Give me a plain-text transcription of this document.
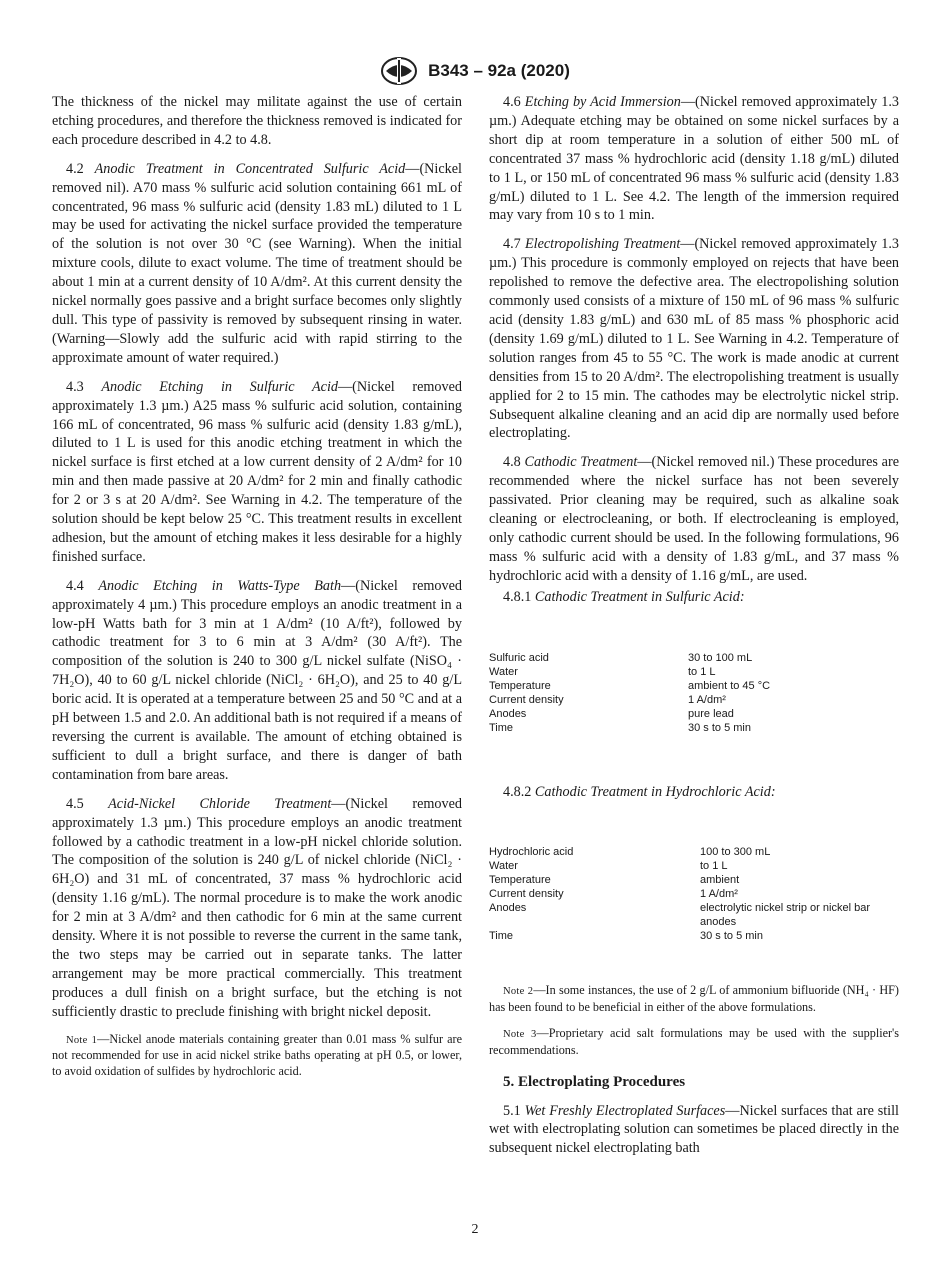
B343 – 92a (2020)

The thickness of the nickel may militate against the use of certain etching procedures, and therefore the thickness removed is indicated for each procedure described in 4.2 to 4.8.

4.2 Anodic Treatment in Concentrated Sulfuric Acid—(Nickel removed nil). A70 mass % sulfuric acid solution containing 661 mL of concentrated, 96 mass % sulfuric acid (density 1.83 mL) diluted to 1 L may be used for activating the nickel surface provided the temperature of the solution is not over 30 °C (see Warning). When the initial mixture cools, dilute to exact volume. The time of treatment should be about 1 min at a current density of 10 A/dm². At this current density the nickel normally goes passive and a bright surface becomes only slightly dull. This type of passivity is removed by subsequent rinsing in water. (Warning—Slowly add the sulfuric acid with rapid stirring to the approximate amount of water required.)

4.3 Anodic Etching in Sulfuric Acid—(Nickel removed approximately 1.3 µm.) A25 mass % sulfuric acid solution, containing 166 mL of concentrated, 96 mass % sulfuric acid (density 1.83 g/mL), diluted to 1 L is used for this anodic etching treatment in which the nickel surface is first etched at a low current density of 2 A/dm² for 10 min and then made passive at 20 A/dm² for 2 min and finally cathodic for 2 or 3 s at 20 A/dm². See Warning in 4.2. The temperature of the solution should be kept below 25 °C. This treatment results in excellent adhesion, but the amount of etching makes it less desirable for a highly finished surface.

4.4 Anodic Etching in Watts-Type Bath—(Nickel removed approximately 4 µm.) This procedure employs an anodic treatment in a low-pH Watts bath for 3 min at 1 A/dm² (10 A/ft²), followed by cathodic treatment for 3 to 6 min at 3 A/dm² (30 A/ft²). The composition of the solution is 240 to 300 g/L nickel sulfate (NiSO₄ · 7H₂O), 40 to 60 g/L nickel chloride (NiCl₂ · 6H₂O), and 25 to 40 g/L boric acid. It is operated at a temperature between 25 and 50 °C and at a pH between 1.5 and 2.0. An additional bath is not required if a means of reversing the current is available. The amount of etching obtained is sufficient to dull a bright surface, and there is danger of bath contamination from bare areas.

4.5 Acid-Nickel Chloride Treatment—(Nickel removed approximately 1.3 µm.) This procedure employs an anodic treatment followed by a cathodic treatment in a low-pH nickel chloride solution. The composition of the solution is 240 g/L of nickel chloride (NiCl₂ · 6H₂O) and 31 mL of concentrated, 37 mass % hydrochloric acid (density 1.16 g/mL). The normal procedure is to make the work anodic for 2 min at 3 A/dm² and then cathodic for 6 min at the same current density. Where it is not possible to reverse the current in the same tank, the two steps may be carried out in separate tanks. The latter arrangement may be more practical commercially. This treatment produces a dull finish on a bright surface, but the etching is not sufficiently drastic to preclude finishing with bright nickel deposit.

Note 1—Nickel anode materials containing greater than 0.01 mass % sulfur are not recommended for use in acid nickel strike baths operating at pH 0.5, or lower, to avoid oxidation of sulfides by hydrochloric acid.

4.6 Etching by Acid Immersion—(Nickel removed approximately 1.3 µm.) Adequate etching may be obtained on some nickel surfaces by a short dip at room temperature in a solution of either 500 mL of concentrated 37 mass % hydrochloric acid (density 1.18 g/mL) diluted to 1 L, or 150 mL of concentrated 96 mass % sulfuric acid (density 1.83 g/mL) diluted to 1 L. See 4.2. The length of the immersion required may vary from 10 s to 1 min.

4.7 Electropolishing Treatment—(Nickel removed approximately 1.3 µm.) This procedure is commonly employed on rejects that have been repolished to remove the defective area. The electropolishing solution commonly used consists of a mixture of 150 mL of 96 mass % sulfuric acid (density 1.83 g/mL) and 630 mL of 85 mass % phosphoric acid (density 1.69 g/mL) diluted to 1 L. See Warning in 4.2. Temperature of solution ranges from 45 to 55 °C. The work is made anodic at current densities from 15 to 20 A/dm². The electropolishing treatment is usually applied for 2 to 15 min. The cathodes may be electrolytic nickel strip. Subsequent alkaline cleaning and an acid dip are normally used before electroplating.

4.8 Cathodic Treatment—(Nickel removed nil.) These procedures are recommended where the nickel surface has not been severely passivated. Prior cleaning may be required, such as alkaline soak cleaning or electrocleaning, or both. If electrocleaning is employed, only cathodic current should be used. In the following formulations, 96 mass % sulfuric acid with a density of 1.83 g/mL, and 37 mass % hydrochloric acid with a density of 1.16 g/mL, are used.

4.8.1 Cathodic Treatment in Sulfuric Acid:

Sulfuric acid	30 to 100 mL
Water	to 1 L
Temperature	ambient to 45 °C
Current density	1 A/dm²
Anodes	pure lead
Time	30 s to 5 min

4.8.2 Cathodic Treatment in Hydrochloric Acid:

Hydrochloric acid	100 to 300 mL
Water	to 1 L
Temperature	ambient
Current density	1 A/dm²
Anodes	electrolytic nickel strip or nickel bar anodes
Time	30 s to 5 min

Note 2—In some instances, the use of 2 g/L of ammonium bifluoride (NH₄ · HF) has been found to be beneficial in either of the above formulations.

Note 3—Proprietary acid salt formulations may be used with the supplier's recommendations.

5. Electroplating Procedures

5.1 Wet Freshly Electroplated Surfaces—Nickel surfaces that are still wet with electroplating solution can sometimes be placed directly in the subsequent nickel electroplating bath

2
